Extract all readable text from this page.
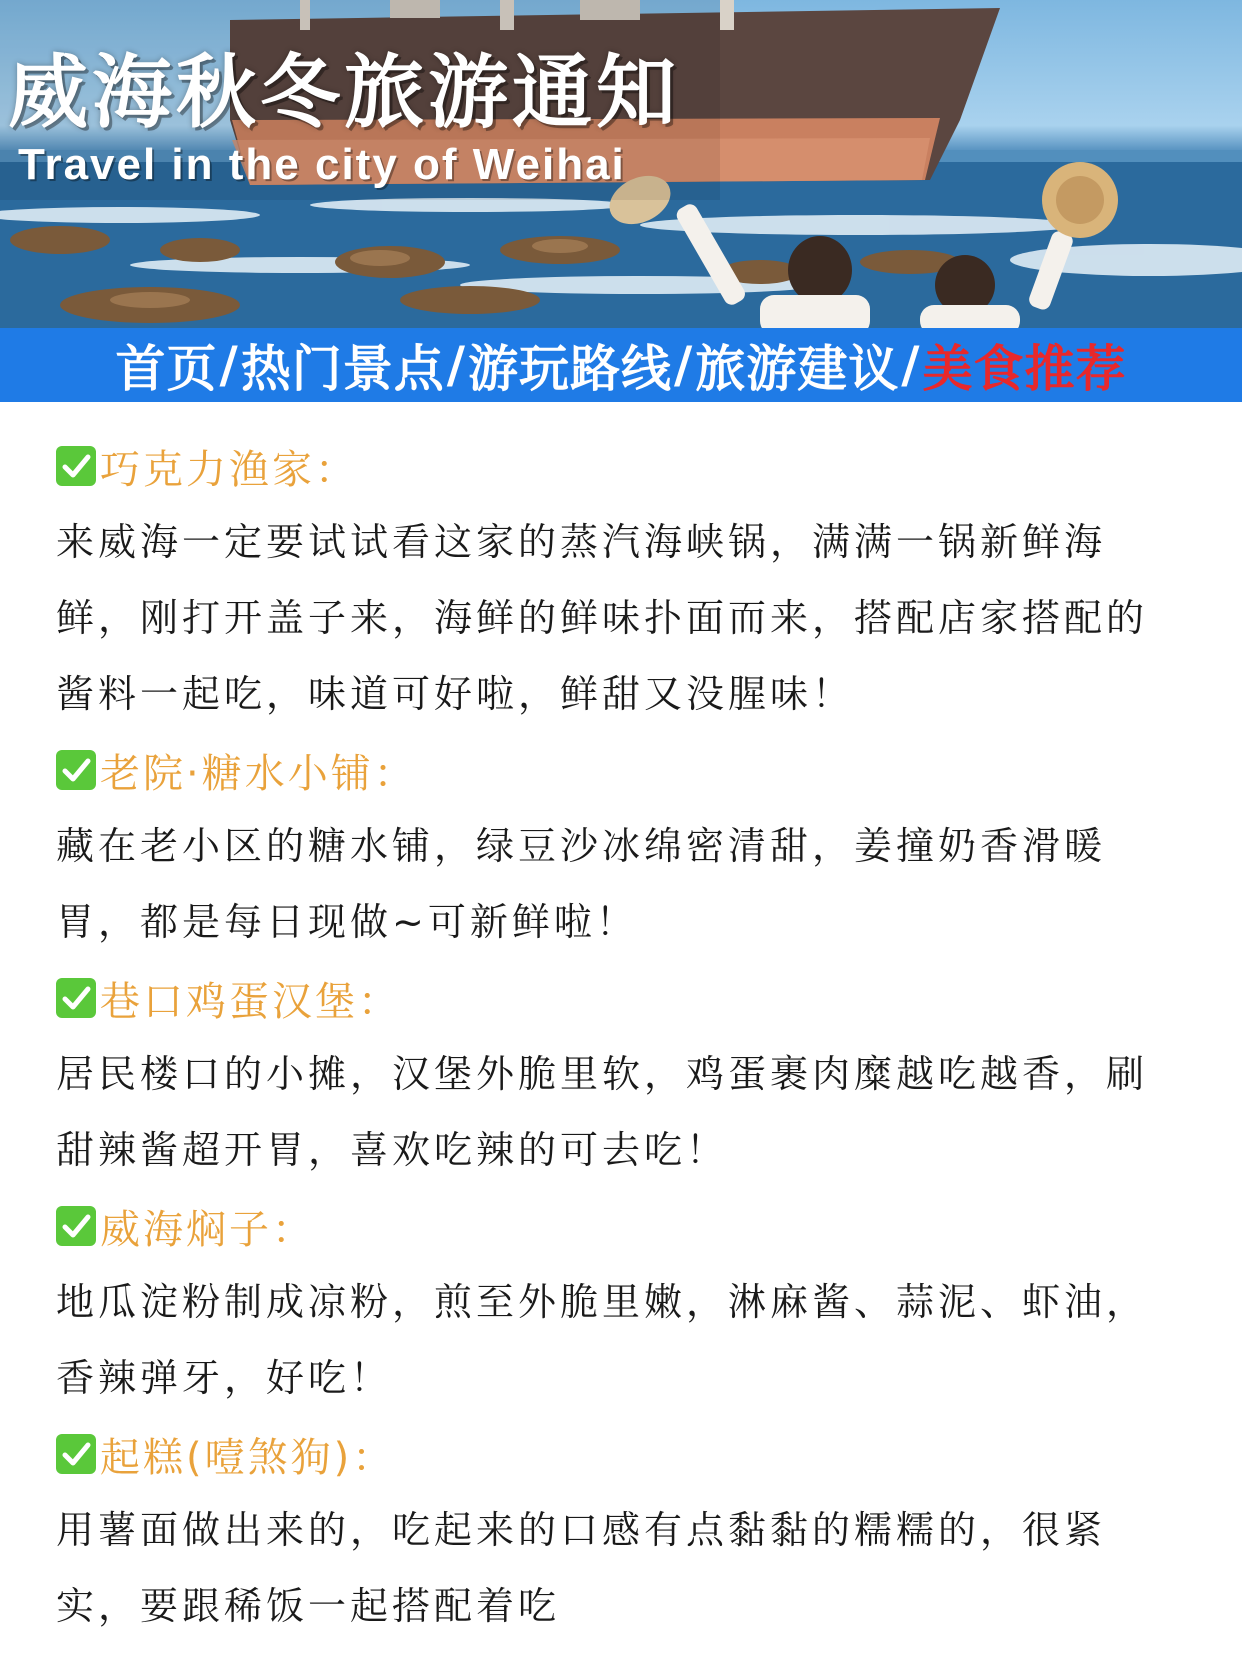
威海秋冬旅游通知

Travel in the city of Weihai

首页 / 热门景点 / 游玩路线 / 旅游建议 / 美食推荐
巧克力渔家：

来威海一定要试试看这家的蒸汽海峡锅，满满一锅新鲜海
鲜，刚打开盖子来，海鲜的鲜味扑面而来，搭配店家搭配的
酱料一起吃，味道可好啦，鲜甜又没腥味！

老院·糖水小铺：

藏在老小区的糖水铺，绿豆沙冰绵密清甜，姜撞奶香滑暖
胃，都是每日现做~可新鲜啦！

巷口鸡蛋汉堡：

居民楼口的小摊，汉堡外脆里软，鸡蛋裹肉糜越吃越香，刷
甜辣酱超开胃，喜欢吃辣的可去吃！

威海焖子：

地瓜淀粉制成凉粉，煎至外脆里嫩，淋麻酱、蒜泥、虾油，
香辣弹牙，好吃！

起糕(噎煞狗)：

用薯面做出来的，吃起来的口感有点黏黏的糯糯的，很紧
实，要跟稀饭一起搭配着吃
